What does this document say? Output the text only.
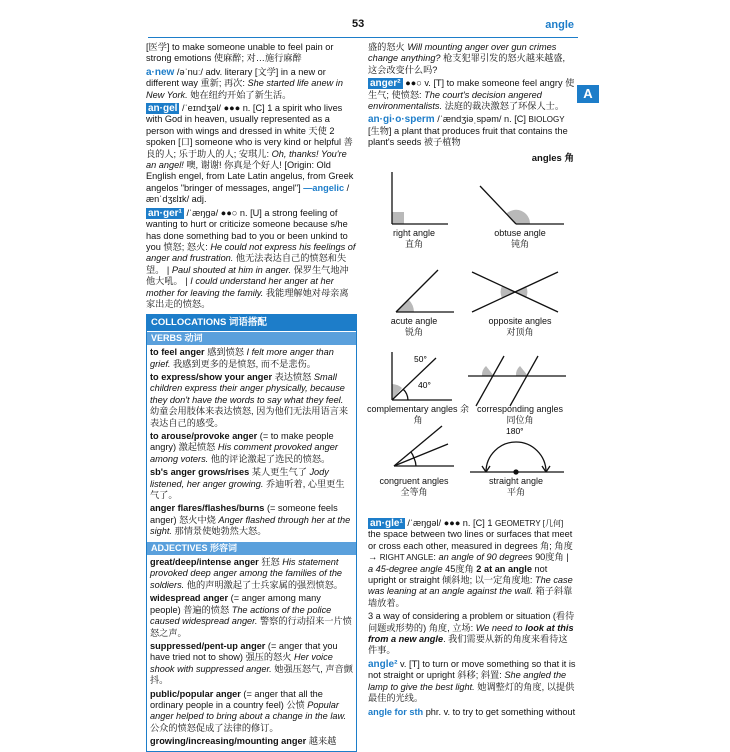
53	angle
A

[医学] to make someone unable to feel pain or strong emotions 使麻醉; 对…施行麻醉

a·new /əˈnuː/ adv. literary [文学] in a new or different way 重新; 再次: She started life anew in New York. 她在纽约开始了新生活。

an·gel /ˈeɪndʒəl/ ●●● n. [C] 1 a spirit who lives with God in heaven, usually represented as a person with wings and dressed in white 天使 2 spoken [口] someone who is very kind or helpful 善良的人; 乐于助人的人; 安琪儿: Oh, thanks! You're an angel! 噢, 谢谢! 你真是个好人! [Origin: Old English engel, from Late Latin angelus, from Greek angelos "bringer of messages, angel"] —angelic /ænˈdʒɛlɪk/ adj.

an·ger¹ /ˈæŋɡə/ ●●○ n. [U] a strong feeling of wanting to hurt or criticize someone because s/he has done something bad to you or been unkind to you 愤怒; 怒火: He could not express his feelings of anger and frustration. 他无法表达自己的愤怒和失望。 | Paul shouted at him in anger. 保罗生气地冲他大吼。 | I could understand her anger at her mother for leaving the family. 我能理解她对母亲离家出走的愤怒。

COLLOCATIONS 词语搭配
VERBS 动词

to feel anger 感到愤怒 I felt more anger than grief. 我感到更多的是愤怒, 而不是悲伤。

to express/show your anger 表达愤怒 Small children express their anger physically, because they don't have the words to say what they feel. 幼童会用肢体来表达愤怒, 因为他们无法用语言来表达自己的感受。

to arouse/provoke anger (= to make people angry) 激起愤怒 His comment provoked anger among voters. 他的评论激起了选民的愤怒。

sb's anger grows/rises 某人更生气了 Jody listened, her anger growing. 乔迪听着, 心里更生气了。

anger flares/flashes/burns (= someone feels anger) 怒火中烧 Anger flashed through her at the sight. 那情景使她勃然大怒。

ADJECTIVES 形容词

great/deep/intense anger 狂怒 His statement provoked deep anger among the families of the soldiers. 他的声明激起了士兵家属的强烈愤怒。

widespread anger (= anger among many people) 普遍的愤怒 The actions of the police caused widespread anger. 警察的行动招来一片愤怒之声。

suppressed/pent-up anger (= anger that you have tried not to show) 强压的怒火 Her voice shook with suppressed anger. 她强压怒气, 声音颤抖。

public/popular anger (= anger that all the ordinary people in a country feel) 公愤 Popular anger helped to bring about a change in the law. 公众的愤怒促成了法律的修订。

growing/increasing/mounting anger 越来越

盛的怒火 Will mounting anger over gun crimes change anything? 枪支犯罪引发的怒火越来越盛, 这会改变什么吗?

anger² ●●○ v. [T] to make someone feel angry 使生气; 使愤怒: The court's decision angered environmentalists. 法庭的裁决激怒了环保人士。

an·gi·o·sperm /ˈændʒiəˌspəm/ n. [C] BIOLOGY [生物] a plant that produces fruit that contains the plant's seeds 被子植物

angles 角
50°
40°
180°
right angle
直角
obtuse angle
钝角
acute angle
锐角
opposite angles
对顶角
complementary angles 余角
corresponding angles
同位角
congruent angles
全等角
straight angle
平角

an·gle¹ /ˈæŋɡəl/ ●●● n. [C] 1 GEOMETRY [几何] the space between two lines or surfaces that meet or cross each other, measured in degrees 角; 角度 → RIGHT ANGLE: an angle of 90 degrees 90度角 | a 45-degree angle 45度角 2 at an angle not upright or straight 倾斜地; 以一定角度地: The case was leaning at an angle against the wall. 箱子斜靠墙放着。

3 a way of considering a problem or situation (看待问题或形势的) 角度, 立场: We need to look at this from a new angle. 我们需要从新的角度来看待这件事。

angle² v. [T] to turn or move something so that it is not straight or upright 斜移; 斜置: She angled the lamp to give the best light. 她调整灯的角度, 以提供最佳的光线。

angle for sth phr. v. to try to get something without
